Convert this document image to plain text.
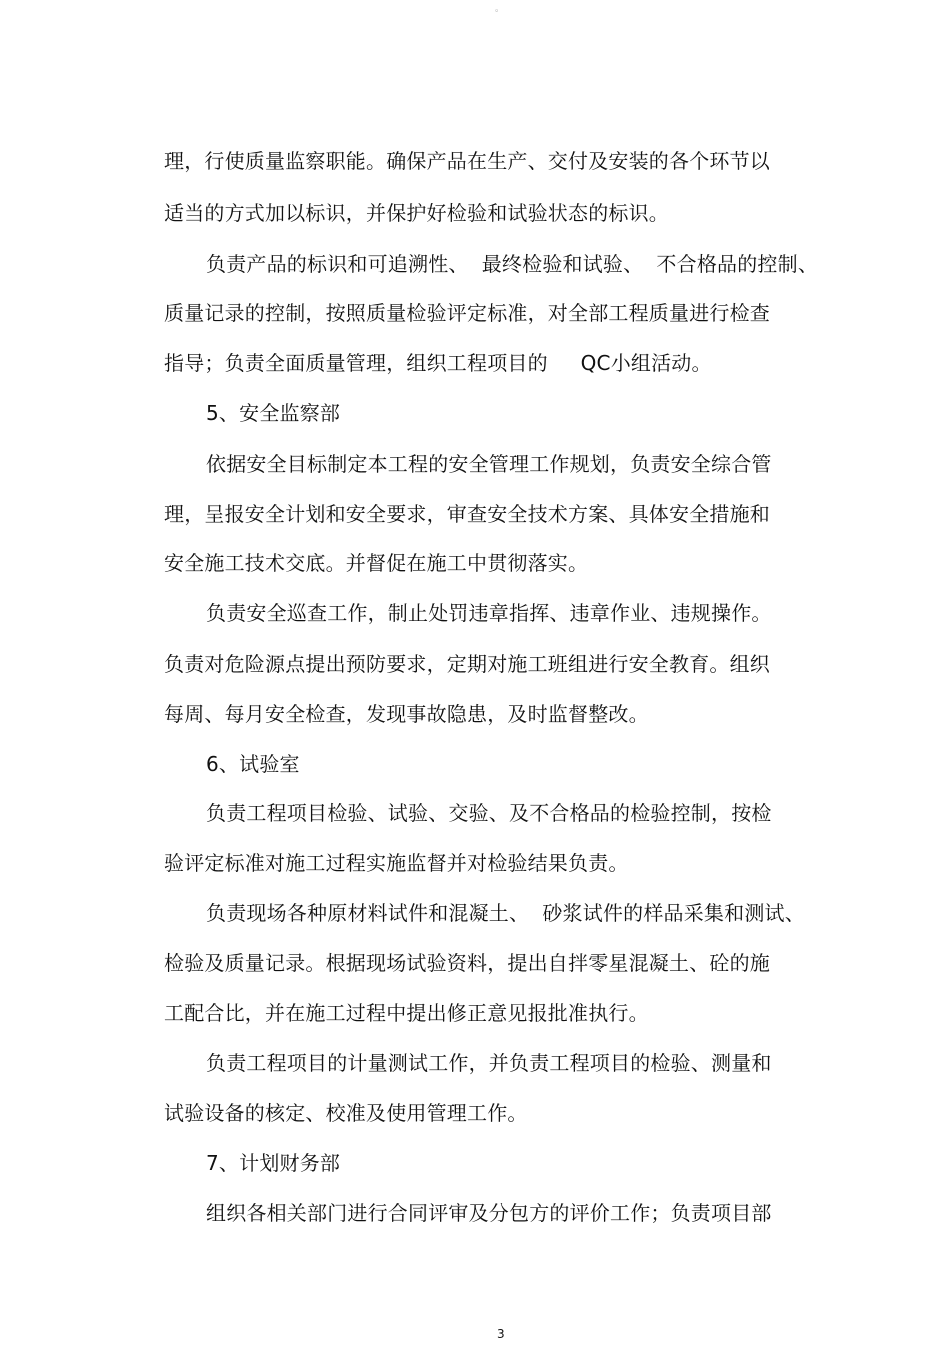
。
理，行使质量监察职能。确保产品在生产、交付及安装的各个环节以
适当的方式加以标识，并保护好检验和试验状态的标识。
负责产品的标识和可追溯性、  最终检验和试验、  不合格品的控制、
质量记录的控制，按照质量检验评定标准，对全部工程质量进行检查
指导；负责全面质量管理，组织工程项目的     QC小组活动。
5、安全监察部
依据安全目标制定本工程的安全管理工作规划，负责安全综合管
理，呈报安全计划和安全要求，审查安全技术方案、具体安全措施和
安全施工技术交底。并督促在施工中贯彻落实。
负责安全巡查工作，制止处罚违章指挥、违章作业、违规操作。
负责对危险源点提出预防要求，定期对施工班组进行安全教育。组织
每周、每月安全检查，发现事故隐患，及时监督整改。
6、试验室
负责工程项目检验、试验、交验、及不合格品的检验控制，按检
验评定标准对施工过程实施监督并对检验结果负责。
负责现场各种原材料试件和混凝土、  砂浆试件的样品采集和测试、
检验及质量记录。根据现场试验资料，提出自拌零星混凝土、砼的施
工配合比，并在施工过程中提出修正意见报批准执行。
负责工程项目的计量测试工作，并负责工程项目的检验、测量和
试验设备的核定、校准及使用管理工作。
7、计划财务部
组织各相关部门进行合同评审及分包方的评价工作；负责项目部
3
